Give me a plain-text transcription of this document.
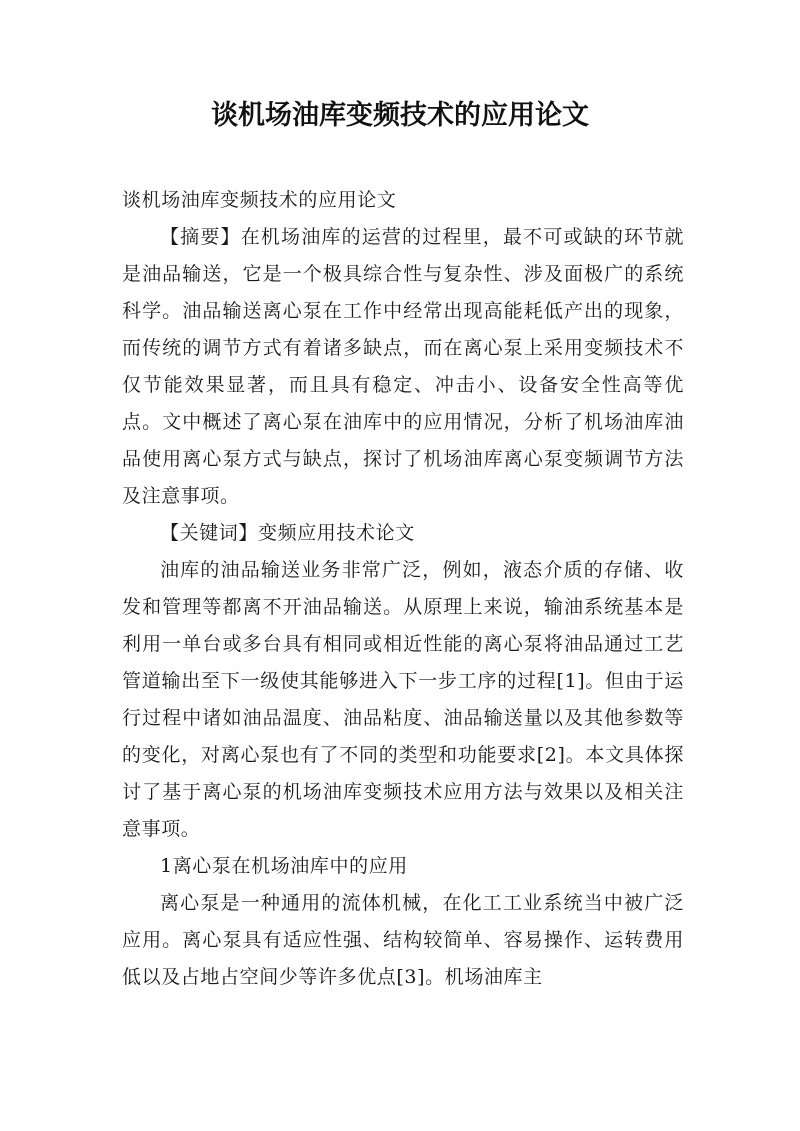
谈机场油库变频技术的应用论文

谈机场油库变频技术的应用论文

【摘要】在机场油库的运营的过程里，最不可或缺的环节就是油品输送，它是一个极具综合性与复杂性、涉及面极广的系统科学。油品输送离心泵在工作中经常出现高能耗低产出的现象，而传统的调节方式有着诸多缺点，而在离心泵上采用变频技术不仅节能效果显著，而且具有稳定、冲击小、设备安全性高等优点。文中概述了离心泵在油库中的应用情况，分析了机场油库油品使用离心泵方式与缺点，探讨了机场油库离心泵变频调节方法及注意事项。

【关键词】变频应用技术论文

油库的油品输送业务非常广泛，例如，液态介质的存储、收发和管理等都离不开油品输送。从原理上来说，输油系统基本是利用一单台或多台具有相同或相近性能的离心泵将油品通过工艺管道输出至下一级使其能够进入下一步工序的过程[1]。但由于运行过程中诸如油品温度、油品粘度、油品输送量以及其他参数等的变化，对离心泵也有了不同的类型和功能要求[2]。本文具体探讨了基于离心泵的机场油库变频技术应用方法与效果以及相关注意事项。

1离心泵在机场油库中的应用

离心泵是一种通用的流体机械，在化工工业系统当中被广泛应用。离心泵具有适应性强、结构较简单、容易操作、运转费用低以及占地占空间少等许多优点[3]。机场油库主
